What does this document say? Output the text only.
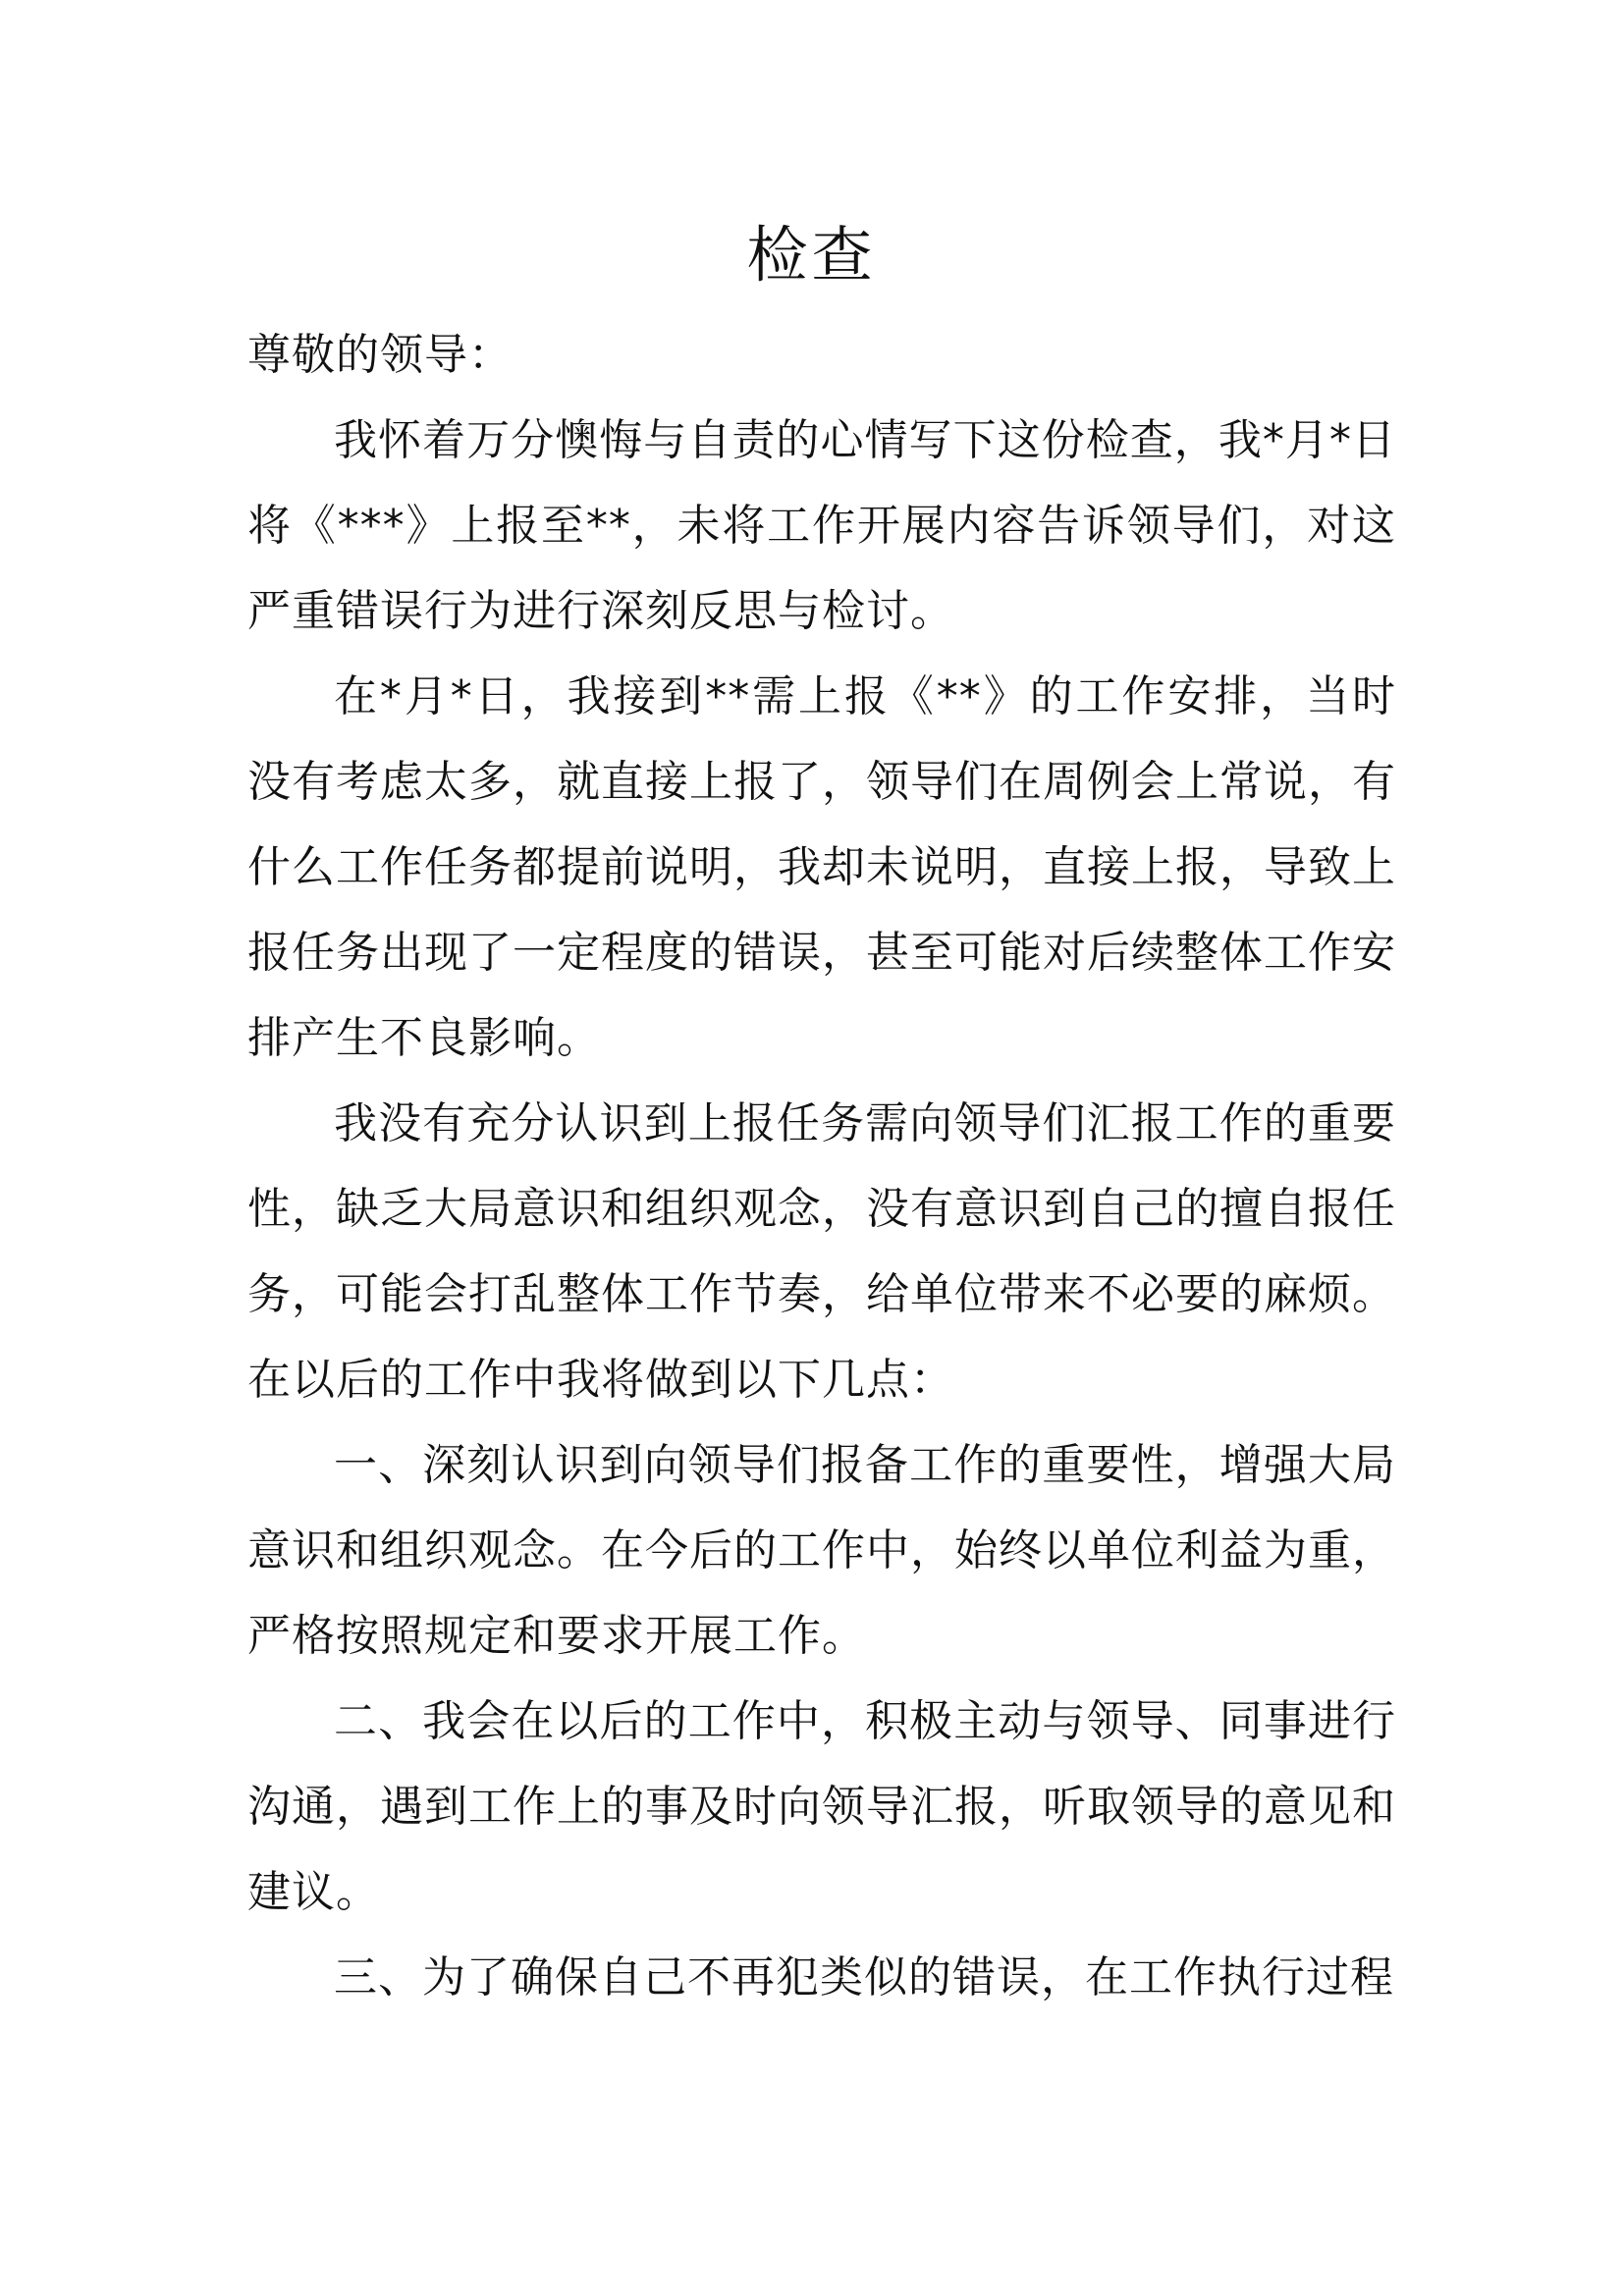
检查

尊敬的领导：

我怀着万分懊悔与自责的心情写下这份检查，我*月*日将《***》上报至**，未将工作开展内容告诉领导们，对这严重错误行为进行深刻反思与检讨。

在*月*日，我接到**需上报《**》的工作安排，当时没有考虑太多，就直接上报了，领导们在周例会上常说，有什么工作任务都提前说明，我却未说明，直接上报，导致上报任务出现了一定程度的错误，甚至可能对后续整体工作安排产生不良影响。

我没有充分认识到上报任务需向领导们汇报工作的重要性，缺乏大局意识和组织观念，没有意识到自己的擅自报任务，可能会打乱整体工作节奏，给单位带来不必要的麻烦。

在以后的工作中我将做到以下几点：

一、深刻认识到向领导们报备工作的重要性，增强大局意识和组织观念。在今后的工作中，始终以单位利益为重，严格按照规定和要求开展工作。

二、我会在以后的工作中，积极主动与领导、同事进行沟通，遇到工作上的事及时向领导汇报，听取领导的意见和建议。

三、为了确保自己不再犯类似的错误，在工作执行过程
